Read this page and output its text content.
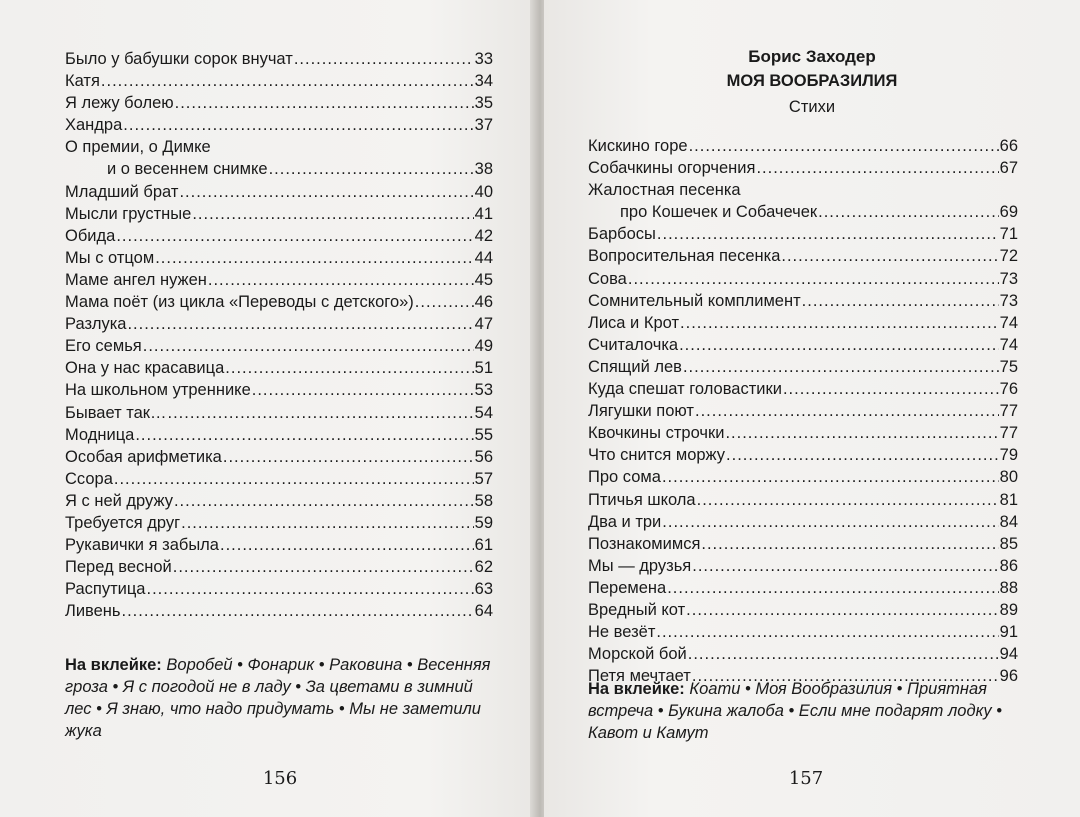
Было у бабушки сорок внучат .....	33
Катя .....	34
Я лежу болею .....	35
Хандра .....	37
О премии, о Димке
и о весеннем снимке .....	38
Младший брат .....	40
Мысли грустные .....	41
Обида .....	42
Мы с отцом .....	44
Маме ангел нужен .....	45
Мама поёт (из цикла «Переводы с детского») .....	46
Разлука .....	47
Его семья .....	49
Она у нас красавица .....	51
На школьном утреннике .....	53
Бывает так… .....	54
Модница .....	55
Особая арифметика .....	56
Ссора .....	57
Я с ней дружу .....	58
Требуется друг .....	59
Рукавички я забыла .....	61
Перед весной .....	62
Распутица .....	63
Ливень .....	64
На вклейке: Воробей • Фонарик • Раковина • Весенняя гроза • Я с погодой не в ладу • За цветами в зимний лес • Я знаю, что надо придумать • Мы не заметили жука
156
Борис Заходер
МОЯ ВООБРАЗИЛИЯ
Стихи
Кискино горе .....	66
Собачкины огорчения .....	67
Жалостная песенка
про Кошечек и Собачечек .....	69
Барбосы .....	71
Вопросительная песенка .....	72
Сова .....	73
Сомнительный комплимент .....	73
Лиса и Крот .....	74
Считалочка .....	74
Спящий лев .....	75
Куда спешат головастики .....	76
Лягушки поют .....	77
Квочкины строчки .....	77
Что снится моржу .....	79
Про сома .....	80
Птичья школа .....	81
Два и три .....	84
Познакомимся .....	85
Мы — друзья .....	86
Перемена .....	88
Вредный кот .....	89
Не везёт .....	91
Морской бой .....	94
Петя мечтает .....	96
На вклейке: Коати • Моя Вообразилия • Приятная встреча • Букина жалоба • Если мне подарят лодку • Кавот и Камут
157
